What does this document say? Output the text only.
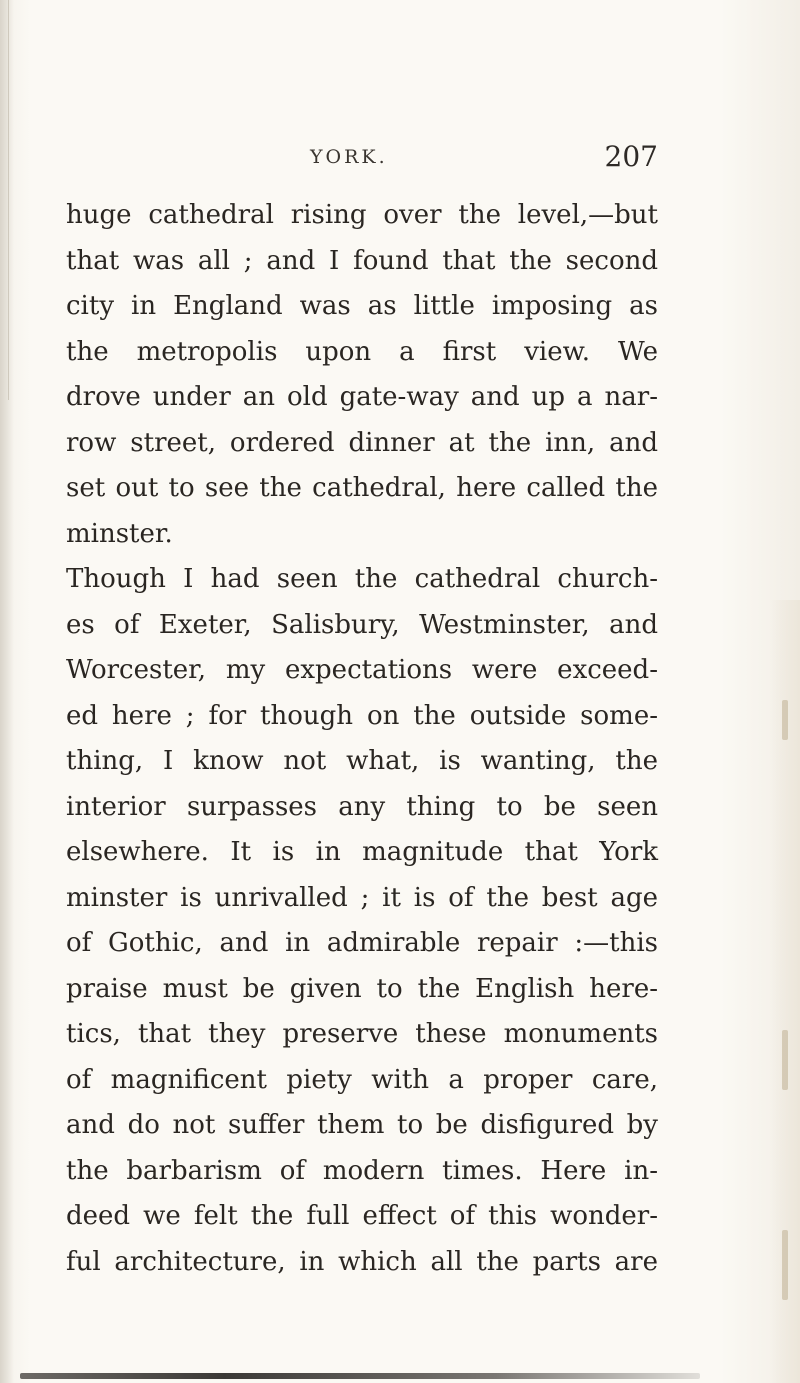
YORK.	207
huge cathedral rising over the level,—but
that was all ; and I found that the second
city in England was as little imposing as
the metropolis upon a first view. We
drove under an old gate-way and up a nar-
row street, ordered dinner at the inn, and
set out to see the cathedral, here called the
minster.
Though I had seen the cathedral church-
es of Exeter, Salisbury, Westminster, and
Worcester, my expectations were exceed-
ed here ; for though on the outside some-
thing, I know not what, is wanting, the
interior surpasses any thing to be seen
elsewhere. It is in magnitude that York
minster is unrivalled ; it is of the best age
of Gothic, and in admirable repair :—this
praise must be given to the English here-
tics, that they preserve these monuments
of magnificent piety with a proper care,
and do not suffer them to be disfigured by
the barbarism of modern times. Here in-
deed we felt the full effect of this wonder-
ful architecture, in which all the parts are
